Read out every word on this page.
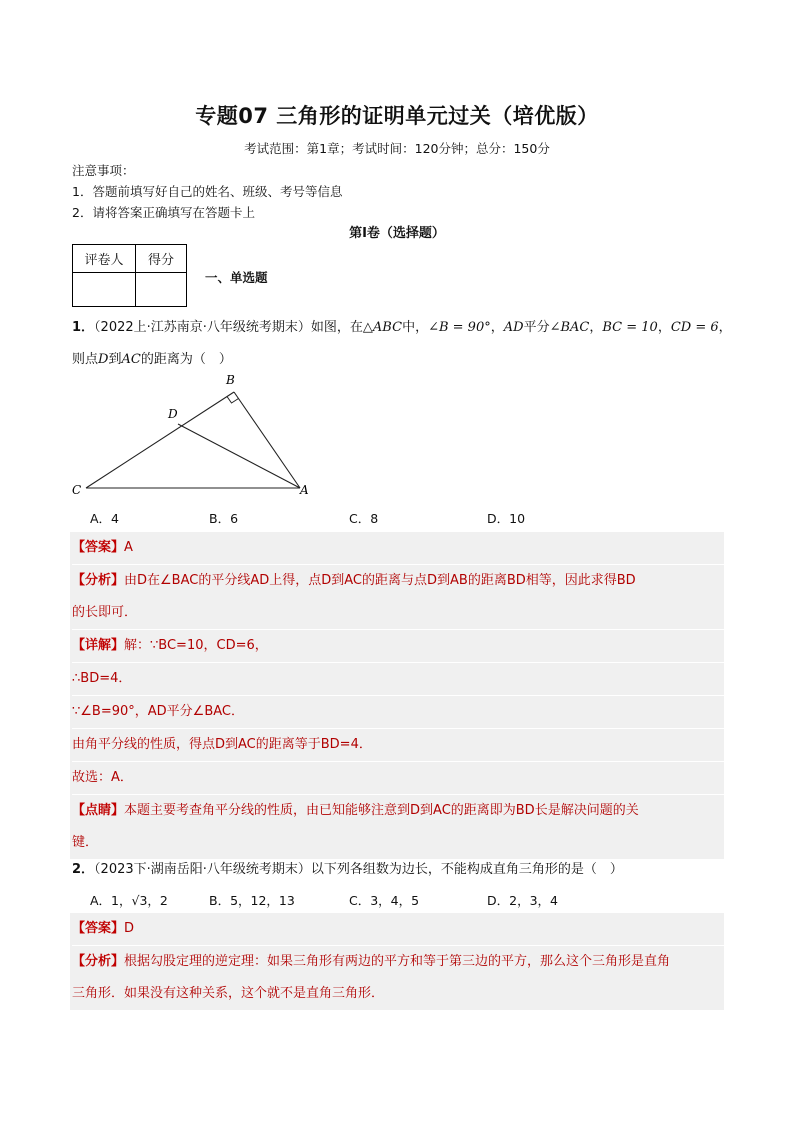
专题07 三角形的证明单元过关（培优版）
考试范围：第1章；考试时间：120分钟；总分：150分
注意事项：
1．答题前填写好自己的姓名、班级、考号等信息
2．请将答案正确填写在答题卡上
第I卷（选择题）
评卷人	得分

一、单选题
1．（2022上·江苏南京·八年级统考期末）如图，在△ABC中，∠B = 90°，AD平分∠BAC，BC = 10，CD = 6，
则点D到AC的距离为（　）
B
D
C	A
A．4	B．6	C．8	D．10
【答案】A
【分析】由D在∠BAC的平分线AD上得，点D到AC的距离与点D到AB的距离BD相等，因此求得BD
的长即可．
【详解】解：∵BC=10，CD=6，
∴BD=4．
∵∠B=90°，AD平分∠BAC．
由角平分线的性质，得点D到AC的距离等于BD=4．
故选：A．
【点睛】本题主要考查角平分线的性质，由已知能够注意到D到AC的距离即为BD长是解决问题的关
键．
2．（2023下·湖南岳阳·八年级统考期末）以下列各组数为边长，不能构成直角三角形的是（　）
A．1，√3，2	B．5，12，13	C．3，4，5	D．2，3，4
【答案】D
【分析】根据勾股定理的逆定理：如果三角形有两边的平方和等于第三边的平方，那么这个三角形是直角
三角形．如果没有这种关系，这个就不是直角三角形．
